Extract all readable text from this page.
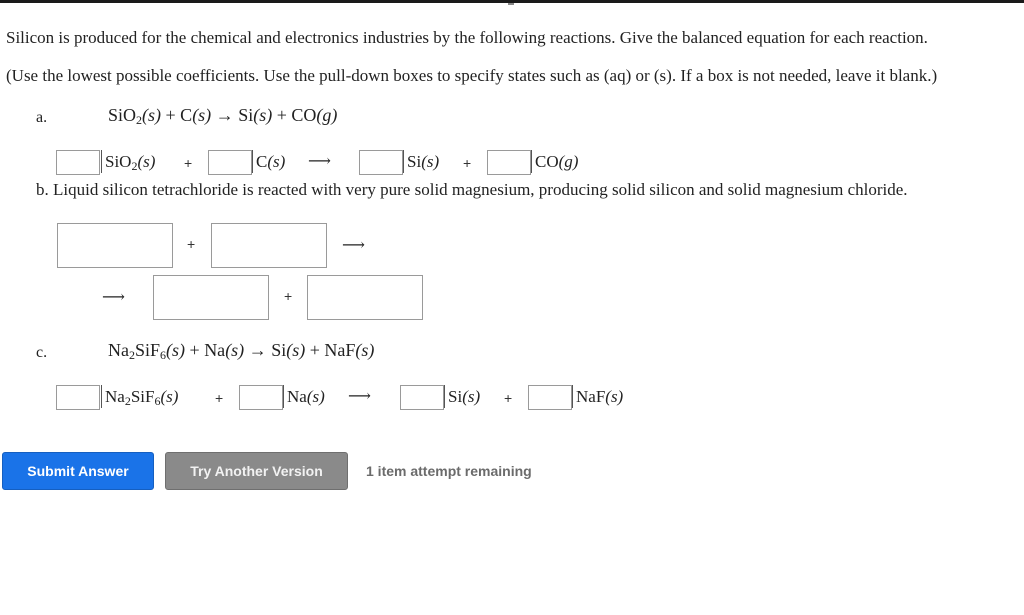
Silicon is produced for the chemical and electronics industries by the following reactions. Give the balanced equation for each reaction.
(Use the lowest possible coefficients. Use the pull-down boxes to specify states such as (aq) or (s). If a box is not needed, leave it blank.)
a.	SiO$_2$(s) + C(s) → Si(s) + CO(g)
SiO$_2$(s) +	C(s) ⟶	Si(s) +	CO(g)
b. Liquid silicon tetrachloride is reacted with very pure solid magnesium, producing solid silicon and solid magnesium chloride.
+	⟶
⟶	+
c.	$Na_2SiF_6(s) + Na(s) \to Si(s) + NaF(s)$
$Na_2SiF_6(s)$	+	Na(s) ⟶	Si(s) +	NaF(s)
Submit Answer	Try Another Version	1 item attempt remaining
